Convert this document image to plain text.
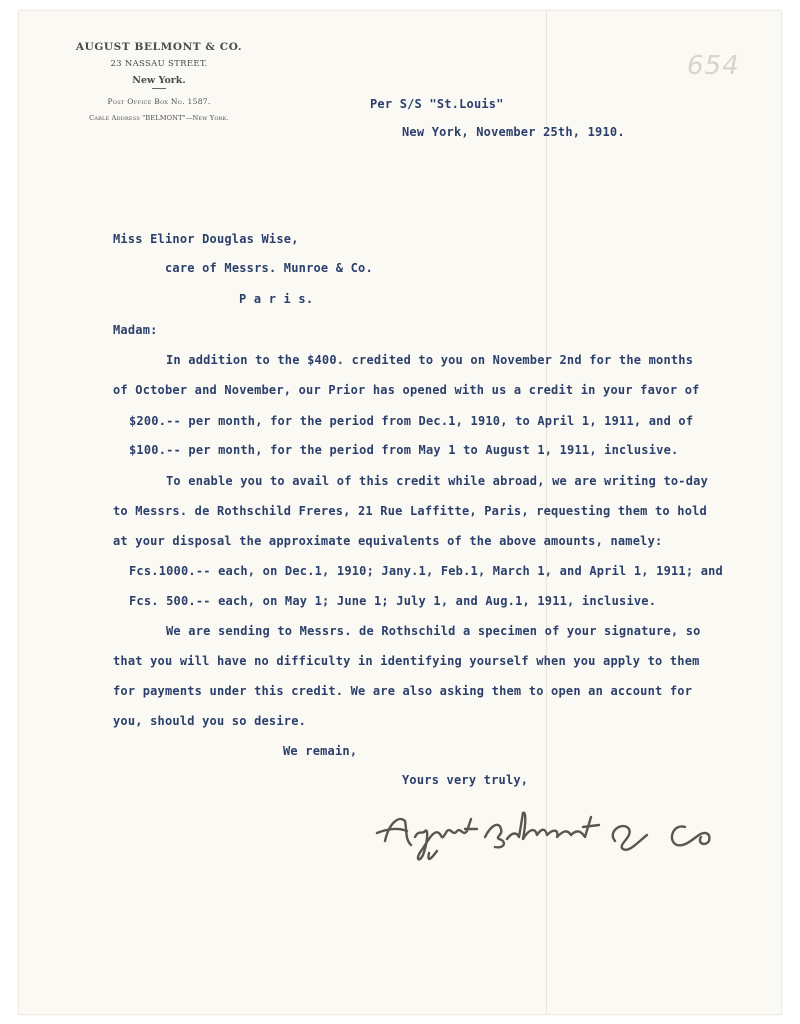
AUGUST BELMONT & CO.
23 NASSAU STREET.
New York.
Post Office Box No. 1587.
Cable Address "BELMONT"—New York.
654
Per S/S "St.Louis"
New York, November 25th, 1910.
Miss Elinor Douglas Wise,
care of Messrs. Munroe & Co.
P a r i s.
Madam:
In addition to the $400. credited to you on November 2nd for the months
of October and November, our Prior has opened with us a credit in your favor of
$200.-- per month, for the period from Dec.1, 1910, to April 1, 1911, and of
$100.-- per month, for the period from May 1 to August 1, 1911, inclusive.
To enable you to avail of this credit while abroad, we are writing to-day
to Messrs. de Rothschild Freres, 21 Rue Laffitte, Paris, requesting them to hold
at your disposal the approximate equivalents of the above amounts, namely:
Fcs.1000.-- each, on Dec.1, 1910; Jany.1, Feb.1, March 1, and April 1, 1911; and
Fcs. 500.-- each, on May 1; June 1; July 1, and Aug.1, 1911, inclusive.
We are sending to Messrs. de Rothschild a specimen of your signature, so
that you will have no difficulty in identifying yourself when you apply to them
for payments under this credit. We are also asking them to open an account for
you, should you so desire.
We remain,
Yours very truly,
